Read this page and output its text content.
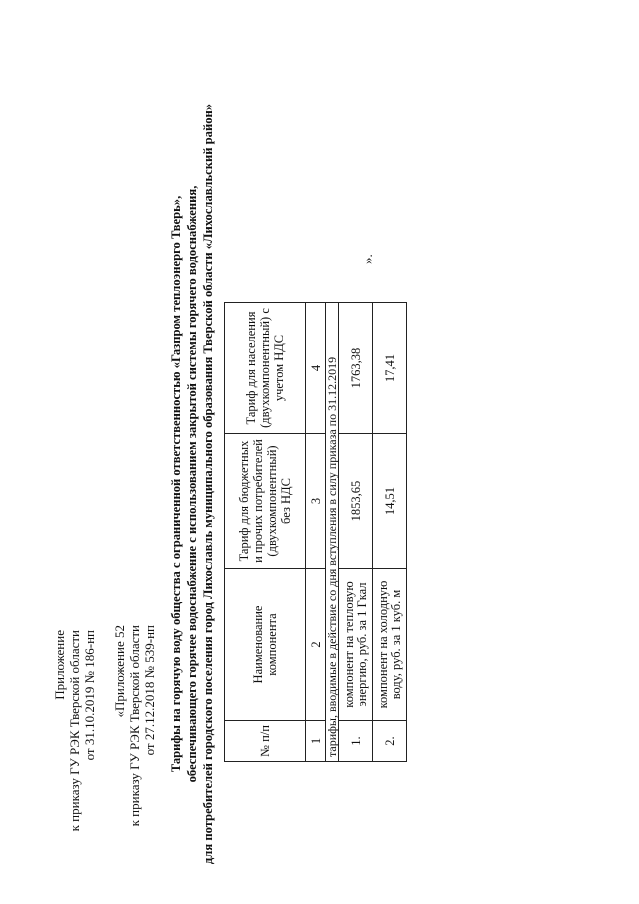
Приложение к приказу ГУ РЭК Тверской области от 31.10.2019 № 186-нп «Приложение 52 к приказу ГУ РЭК Тверской области от 27.12.2018 № 539-нп Тарифы на горячую воду общества с ограниченной ответственностью «Газпром теплоэнерго Тверь», обеспечивающего горячее водоснабжение с использованием закрытой системы горячего водоснабжения, для потребителей городского поселения город Лихославль муниципального образования Тверской области «Лихославльский район»	№ п/п	Наименование компонента	Тариф для бюджетных и прочих потребителей (двухкомпонентный) без НДС	Тариф для населения (двухкомпонентный) с учетом НДС
1	2	3	4
тарифы, вводимые в действие со дня вступления в силу приказа по 31.12.2019			
1.	компонент на тепловую энергию, руб. за 1 Гкал	1853,65	1763,38
2.	компонент на холодную воду, руб. за 1 куб. м	14,51	17,41
».
